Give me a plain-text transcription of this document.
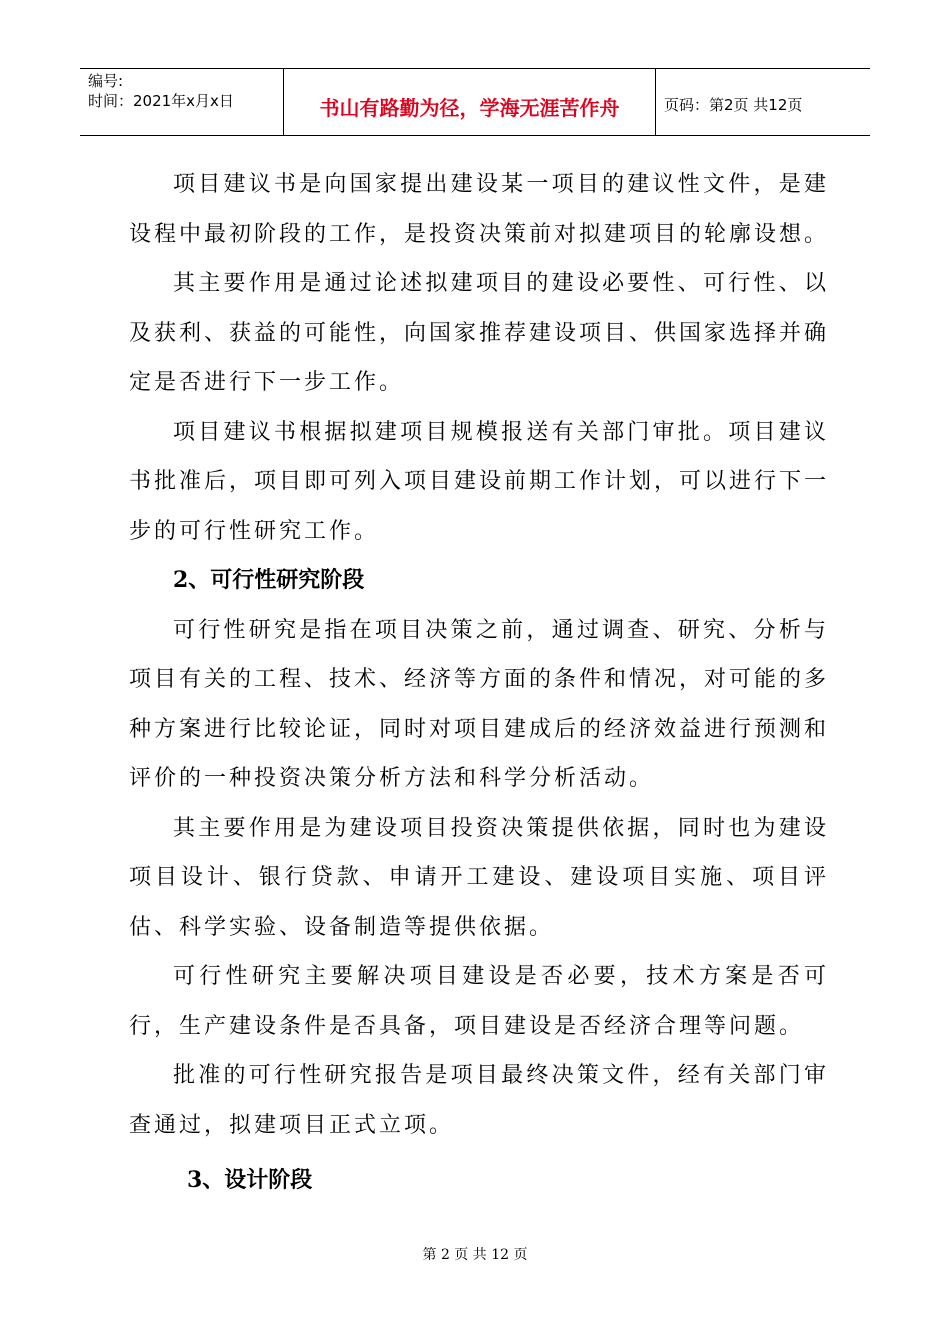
编号:
时间：2021年x月x日	书山有路勤为径，学海无涯苦作舟	页码：第2页 共12页

项目建议书是向国家提出建设某一项目的建议性文件，是建设程中最初阶段的工作，是投资决策前对拟建项目的轮廓设想。

其主要作用是通过论述拟建项目的建设必要性、可行性、以及获利、获益的可能性，向国家推荐建设项目、供国家选择并确定是否进行下一步工作。

项目建议书根据拟建项目规模报送有关部门审批。项目建议书批准后，项目即可列入项目建设前期工作计划，可以进行下一步的可行性研究工作。

2、可行性研究阶段

可行性研究是指在项目决策之前，通过调查、研究、分析与项目有关的工程、技术、经济等方面的条件和情况，对可能的多种方案进行比较论证，同时对项目建成后的经济效益进行预测和评价的一种投资决策分析方法和科学分析活动。

其主要作用是为建设项目投资决策提供依据，同时也为建设项目设计、银行贷款、申请开工建设、建设项目实施、项目评估、科学实验、设备制造等提供依据。

可行性研究主要解决项目建设是否必要，技术方案是否可行，生产建设条件是否具备，项目建设是否经济合理等问题。

批准的可行性研究报告是项目最终决策文件，经有关部门审查通过，拟建项目正式立项。

3、设计阶段

第 2 页 共 12 页
